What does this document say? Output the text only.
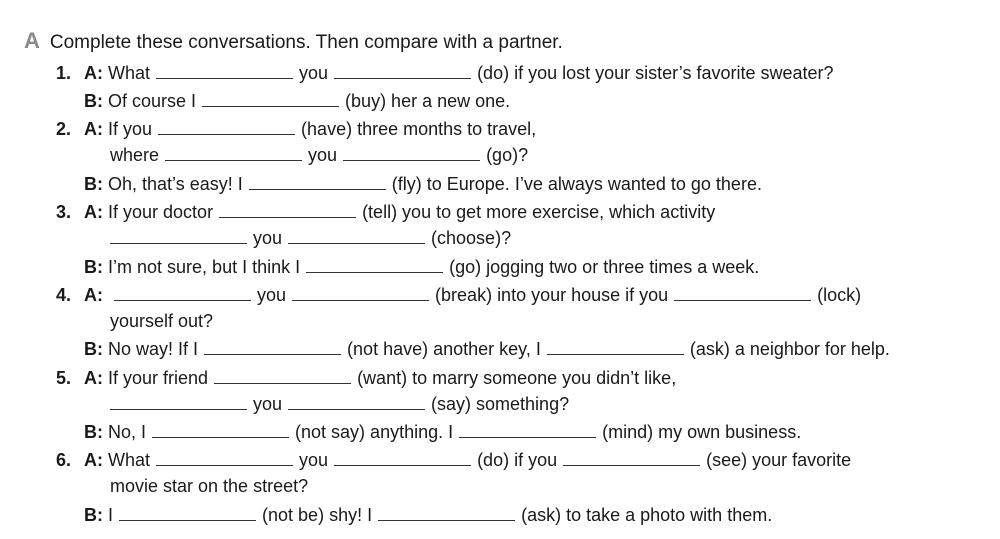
A Complete these conversations. Then compare with a partner.
1. A: What	you	(do) if you lost your sister’s favorite sweater?
B: Of course I	(buy) her a new one.
2. A: If you	(have) three months to travel,
where	you	(go)?
B: Oh, that’s easy! I	(fly) to Europe. I’ve always wanted to go there.
3. A: If your doctor	(tell) you to get more exercise, which activity
you	(choose)?
B: I’m not sure, but I think I	(go) jogging two or three times a week.
4. A:	you	(break) into your house if you	(lock)
yourself out?
B: No way! If I	(not have) another key, I	(ask) a neighbor for help.
5. A: If your friend	(want) to marry someone you didn’t like,
you	(say) something?
B: No, I	(not say) anything. I	(mind) my own business.
6. A: What	you	(do) if you	(see) your favorite
movie star on the street?
B: I	(not be) shy! I	(ask) to take a photo with them.
